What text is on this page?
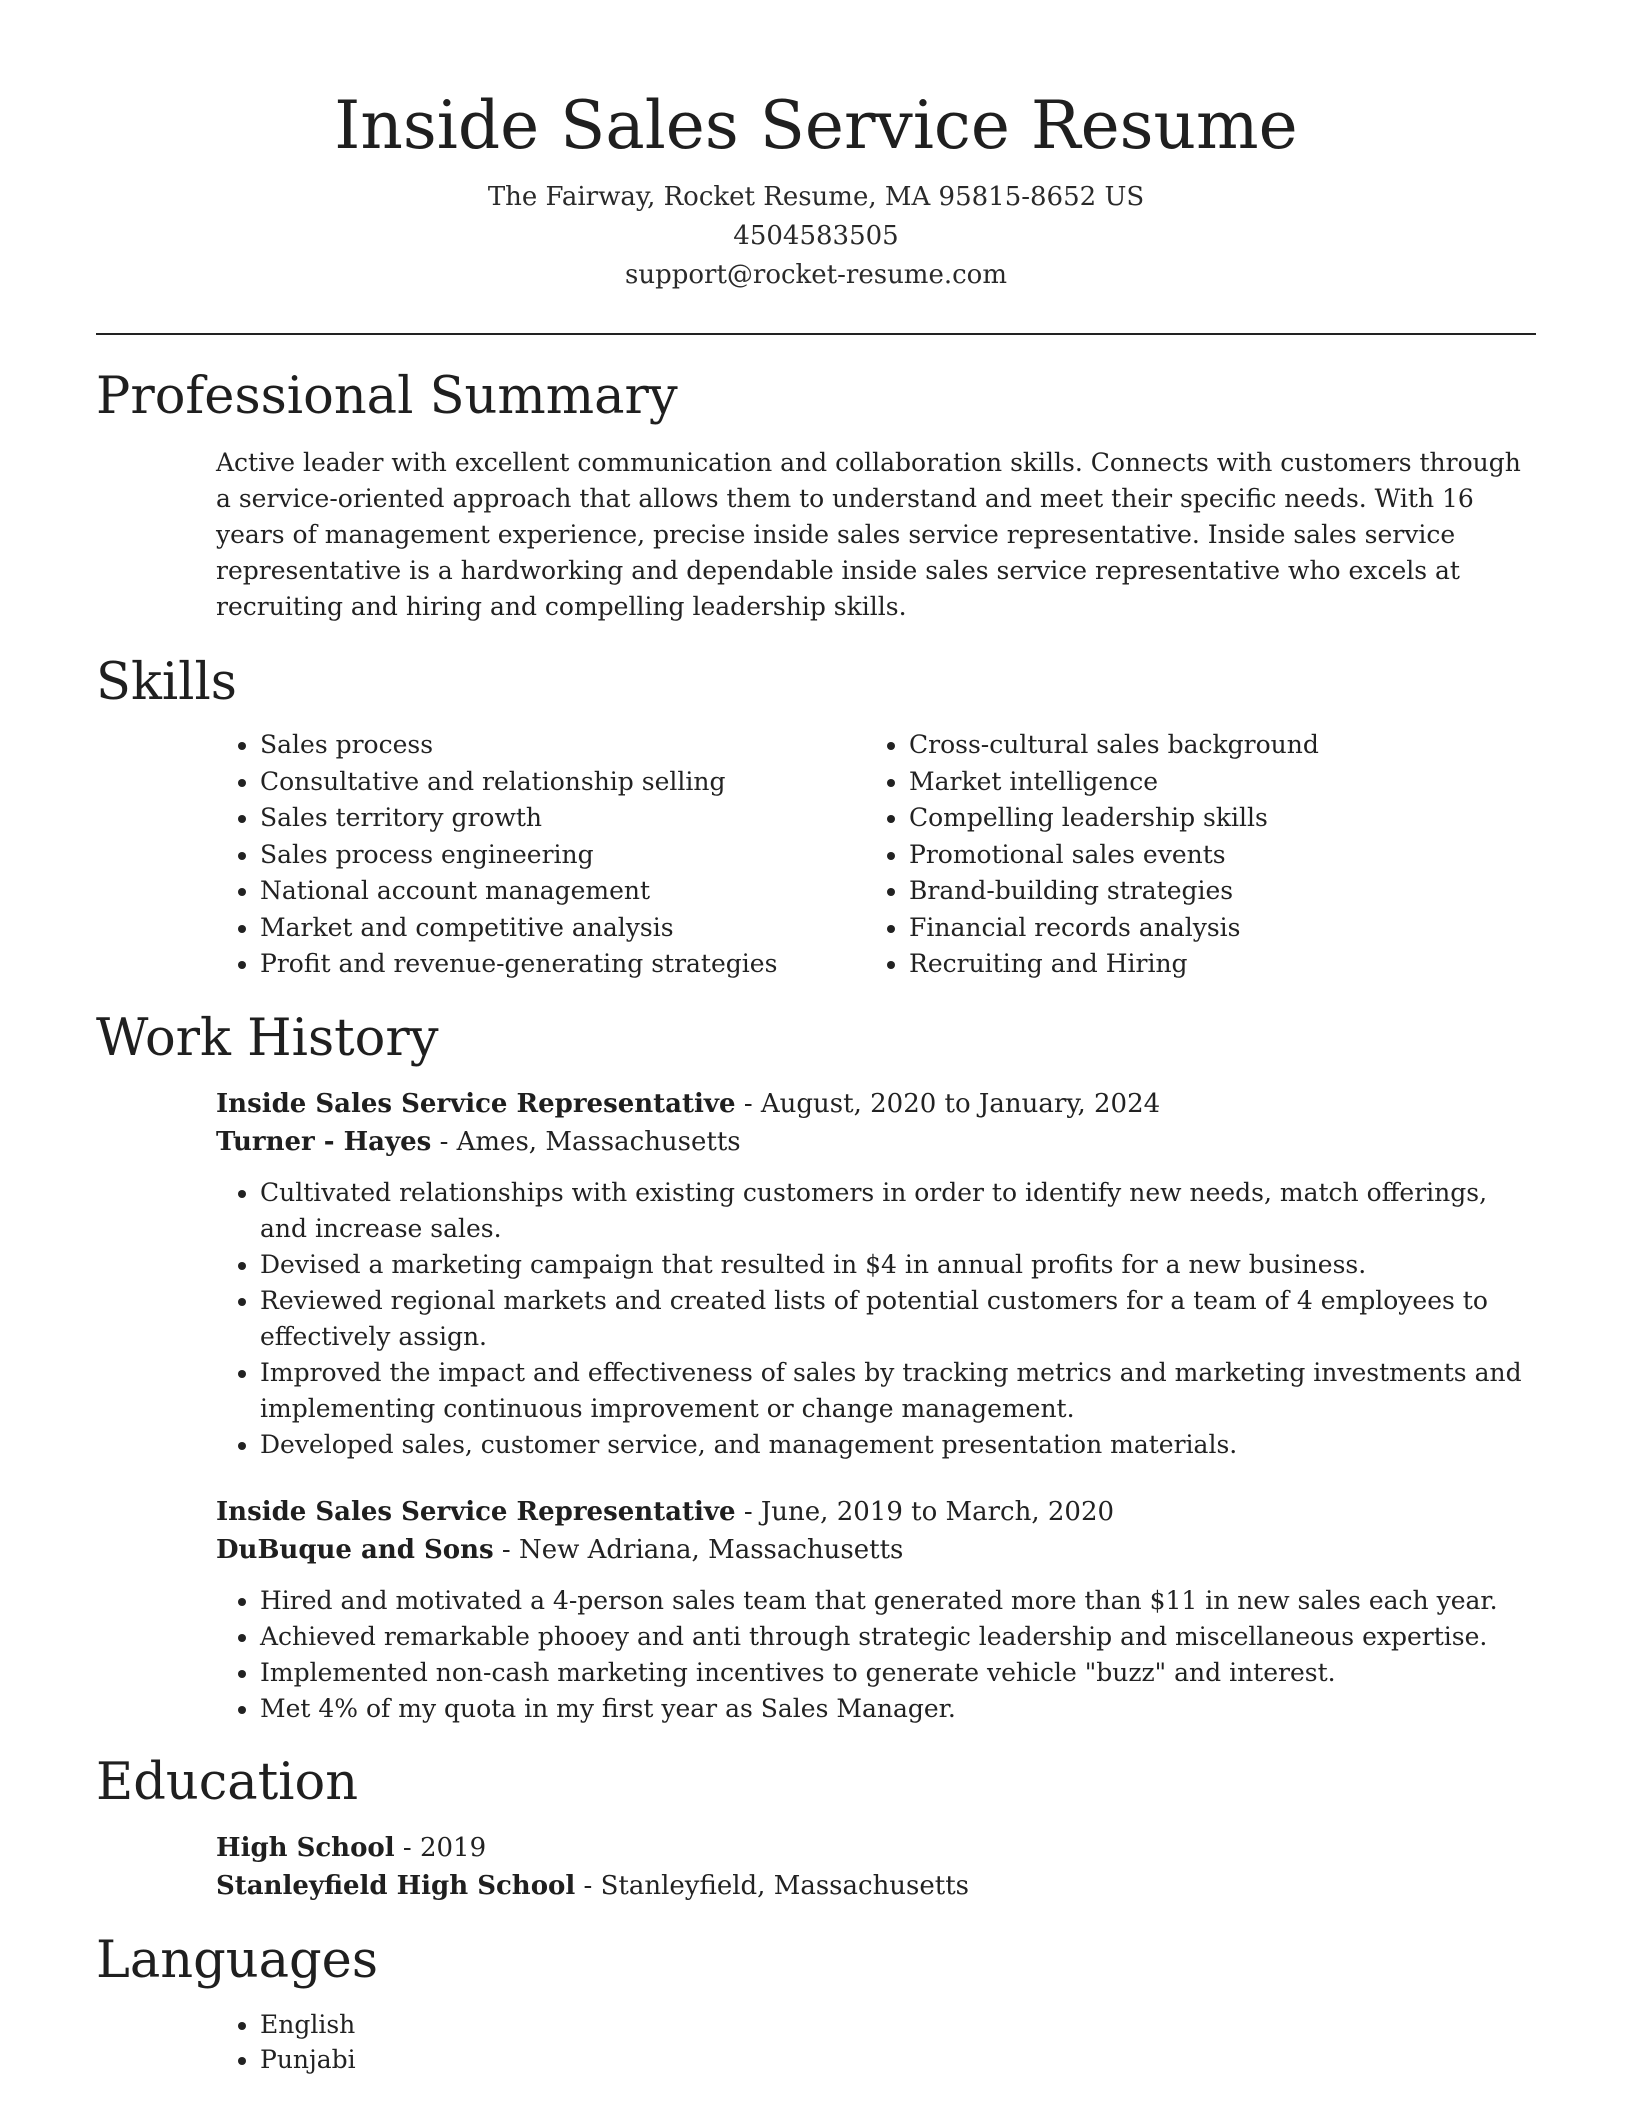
Inside Sales Service Resume
The Fairway, Rocket Resume, MA 95815-8652 US
4504583505
support@rocket-resume.com
Professional Summary
Active leader with excellent communication and collaboration skills. Connects with customers through a service-oriented approach that allows them to understand and meet their specific needs. With 16 years of management experience, precise inside sales service representative. Inside sales service representative is a hardworking and dependable inside sales service representative who excels at recruiting and hiring and compelling leadership skills.
Skills
• Sales process
• Consultative and relationship selling
• Sales territory growth
• Sales process engineering
• National account management
• Market and competitive analysis
• Profit and revenue-generating strategies
• Cross-cultural sales background
• Market intelligence
• Compelling leadership skills
• Promotional sales events
• Brand-building strategies
• Financial records analysis
• Recruiting and Hiring
Work History
Inside Sales Service Representative - August, 2020 to January, 2024
Turner - Hayes - Ames, Massachusetts
• Cultivated relationships with existing customers in order to identify new needs, match offerings, and increase sales.
• Devised a marketing campaign that resulted in $4 in annual profits for a new business.
• Reviewed regional markets and created lists of potential customers for a team of 4 employees to effectively assign.
• Improved the impact and effectiveness of sales by tracking metrics and marketing investments and implementing continuous improvement or change management.
• Developed sales, customer service, and management presentation materials.
Inside Sales Service Representative - June, 2019 to March, 2020
DuBuque and Sons - New Adriana, Massachusetts
• Hired and motivated a 4-person sales team that generated more than $11 in new sales each year.
• Achieved remarkable phooey and anti through strategic leadership and miscellaneous expertise.
• Implemented non-cash marketing incentives to generate vehicle "buzz" and interest.
• Met 4% of my quota in my first year as Sales Manager.
Education
High School - 2019
Stanleyfield High School - Stanleyfield, Massachusetts
Languages
• English
• Punjabi
